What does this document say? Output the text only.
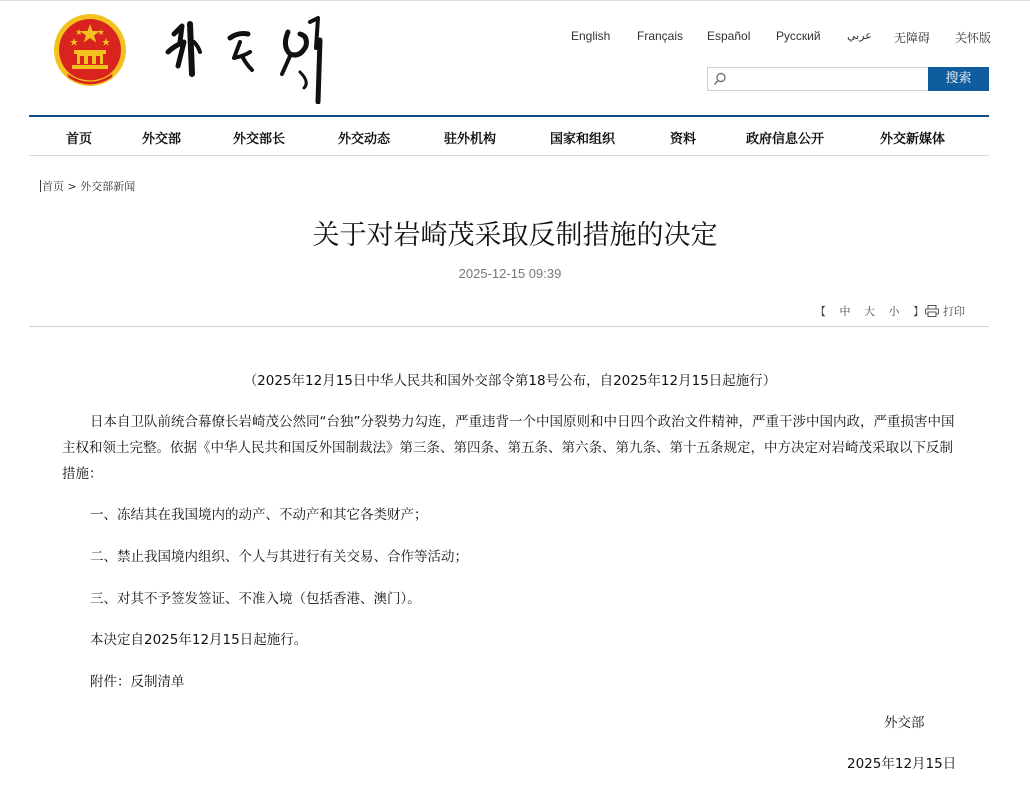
English Français Español Русский عربي 无障碍 关怀版
搜索
首页	外交部	外交部长	外交动态	驻外机构	国家和组织	资料	政府信息公开	外交新媒体
首页 > 外交部新闻
关于对岩崎茂采取反制措施的决定
2025-12-15 09:39
【 中 大 小 】	打印
（2025年12月15日中华人民共和国外交部令第18号公布，自2025年12月15日起施行）
日本自卫队前统合幕僚长岩崎茂公然同“台独”分裂势力勾连，严重违背一个中国原则和中日四个政治文件精神，严重干涉中国内政，严重损害中国主权和领土完整。依据《中华人民共和国反外国制裁法》第三条、第四条、第五条、第六条、第九条、第十五条规定，中方决定对岩崎茂采取以下反制措施：
一、冻结其在我国境内的动产、不动产和其它各类财产；
二、禁止我国境内组织、个人与其进行有关交易、合作等活动；
三、对其不予签发签证、不准入境（包括香港、澳门）。
本决定自2025年12月15日起施行。
附件：反制清单
外交部
2025年12月15日
